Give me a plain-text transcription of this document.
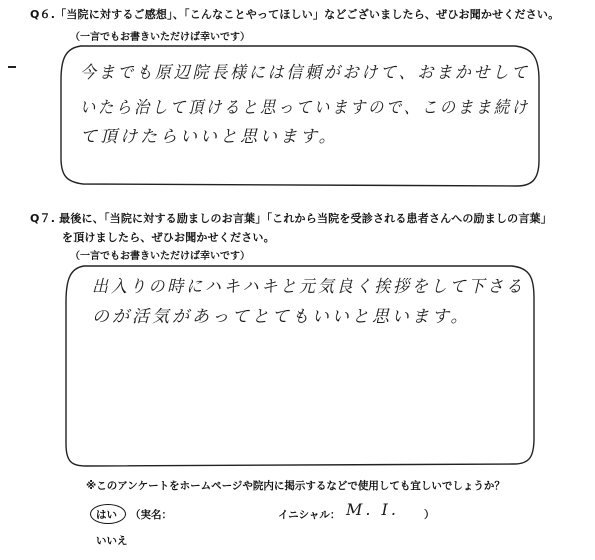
Q６.「当院に対するご感想」、「こんなことやってほしい」などございましたら、ぜひお聞かせください。
（一言でもお書きいただけば幸いです）
今までも原辺院長様には信頼がおけて、おまかせして
いたら治して頂けると思っていますので、このまま続け
て頂けたらいいと思います。
Q７. 最後に、「当院に対する励ましのお言葉」「これから当院を受診される患者さんへの励ましの言葉」
を頂けましたら、ぜひお聞かせください。
（一言でもお書きいただけば幸いです）
出入りの時にハキハキと元気良く挨拶をして下さる
のが活気があってとてもいいと思います。
※このアンケートをホームページや院内に掲示するなどで使用しても宜しいでしょうか？
はい （実名：	イニシャル： M. I. ）
いいえ
